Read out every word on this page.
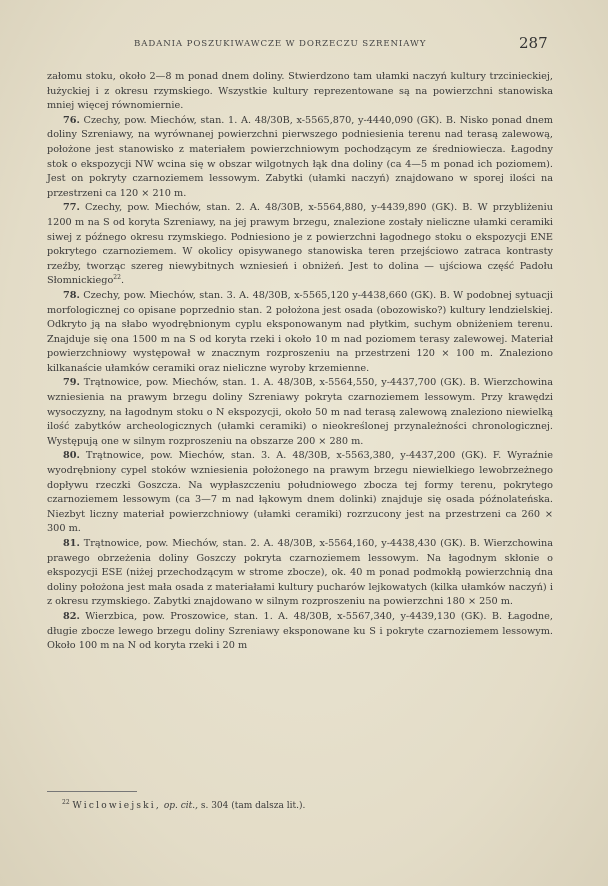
BADANIA POSZUKIWAWCZE W DORZECZU SZRENIAWY	287

załomu stoku, około 2—8 m ponad dnem doliny. Stwierdzono tam ułamki naczyń kultury trzcinieckiej, łużyckiej i z okresu rzymskiego. Wszystkie kultury reprezentowane są na powierzchni stanowiska mniej więcej równomiernie.

76. Czechy, pow. Miechów, stan. 1. A. 48/30B, x-5565,870, y-4440,090 (GK). B. Nisko ponad dnem doliny Szreniawy, na wyrównanej powierzchni pierwszego podniesienia terenu nad terasą zalewową, położone jest stanowisko z materiałem powierzchniowym pochodzącym ze średniowiecza. Łagodny stok o ekspozycji NW wcina się w obszar wilgotnych łąk dna doliny (ca 4—5 m ponad ich poziomem). Jest on pokryty czarnoziemem lessowym. Zabytki (ułamki naczyń) znajdowano w sporej ilości na przestrzeni ca 120 × 210 m.

77. Czechy, pow. Miechów, stan. 2. A. 48/30B, x-5564,880, y-4439,890 (GK). B. W przybliżeniu 1200 m na S od koryta Szreniawy, na jej prawym brzegu, znalezione zostały nieliczne ułamki ceramiki siwej z późnego okresu rzymskiego. Podniesiono je z powierzchni łagodnego stoku o ekspozycji ENE pokrytego czarnoziemem. W okolicy opisywanego stanowiska teren przejściowo zatraca kontrasty rzeźby, tworząc szereg niewybitnych wzniesień i obniżeń. Jest to dolina — ujściowa część Padołu Słomnickiego$^{22}$.

78. Czechy, pow. Miechów, stan. 3. A. 48/30B, x-5565,120 y-4438,660 (GK). B. W podobnej sytuacji morfologicznej co opisane poprzednio stan. 2 położona jest osada (obozowisko?) kultury lendzielskiej. Odkryto ją na słabo wyodrębnionym cyplu eksponowanym nad płytkim, suchym obniżeniem terenu. Znajduje się ona 1500 m na S od koryta rzeki i około 10 m nad poziomem terasy zalewowej. Materiał powierzchniowy występował w znacznym rozproszeniu na przestrzeni 120 × 100 m. Znaleziono kilkanaście ułamków ceramiki oraz nieliczne wyroby krzemienne.

79. Trątnowice, pow. Miechów, stan. 1. A. 48/30B, x-5564,550, y-4437,700 (GK). B. Wierzchowina wzniesienia na prawym brzegu doliny Szreniawy pokryta czarnoziemem lessowym. Przy krawędzi wysoczyzny, na łagodnym stoku o N ekspozycji, około 50 m nad terasą zalewową znaleziono niewielką ilość zabytków archeologicznych (ułamki ceramiki) o nieokreślonej przynależności chronologicznej. Występują one w silnym rozproszeniu na obszarze 200 × 280 m.

80. Trątnowice, pow. Miechów, stan. 3. A. 48/30B, x-5563,380, y-4437,200 (GK). F. Wyraźnie wyodrębniony cypel stoków wzniesienia położonego na prawym brzegu niewielkiego lewobrzeżnego dopływu rzeczki Goszcza. Na wypłaszczeniu południowego zbocza tej formy terenu, pokrytego czarnoziemem lessowym (ca 3—7 m nad łąkowym dnem dolinki) znajduje się osada późnolateńska. Niezbyt liczny materiał powierzchniowy (ułamki ceramiki) rozrzucony jest na przestrzeni ca 260 × 300 m.

81. Trątnowice, pow. Miechów, stan. 2. A. 48/30B, x-5564,160, y-4438,430 (GK). B. Wierzchowina prawego obrzeżenia doliny Goszczy pokryta czarnoziemem lessowym. Na łagodnym skłonie o ekspozycji ESE (niżej przechodzącym w strome zbocze), ok. 40 m ponad podmokłą powierzchnią dna doliny położona jest mała osada z materiałami kultury pucharów lejkowatych (kilka ułamków naczyń) i z okresu rzymskiego. Zabytki znajdowano w silnym rozproszeniu na powierzchni 180 × 250 m.

82. Wierzbica, pow. Proszowice, stan. 1. A. 48/30B, x-5567,340, y-4439,130 (GK). B. Łagodne, długie zbocze lewego brzegu doliny Szreniawy eksponowane ku S i pokryte czarnoziemem lessowym. Około 100 m na N od koryta rzeki i 20 m

$^{22}$ Wiclowiejski, op. cit., s. 304 (tam dalsza lit.).
